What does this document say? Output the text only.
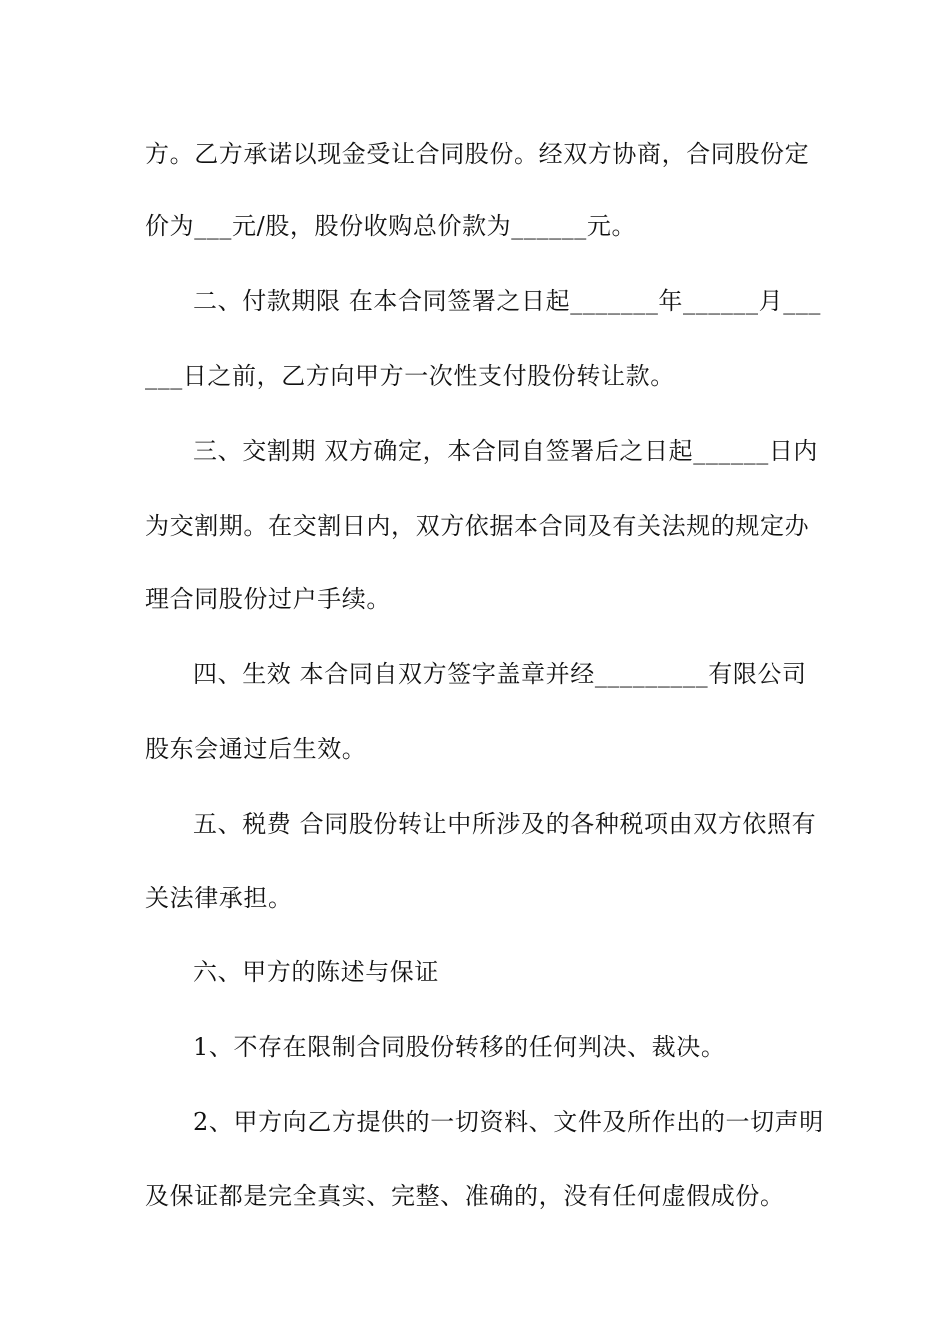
方。乙方承诺以现金受让合同股份。经双方协商，合同股份定
价为___元/股，股份收购总价款为______元。
二、付款期限 在本合同签署之日起_______年______月___
___日之前，乙方向甲方一次性支付股份转让款。
三、交割期 双方确定，本合同自签署后之日起______日内
为交割期。在交割日内，双方依据本合同及有关法规的规定办
理合同股份过户手续。
四、生效 本合同自双方签字盖章并经_________有限公司
股东会通过后生效。
五、税费 合同股份转让中所涉及的各种税项由双方依照有
关法律承担。
六、甲方的陈述与保证
1、不存在限制合同股份转移的任何判决、裁决。
2、甲方向乙方提供的一切资料、文件及所作出的一切声明
及保证都是完全真实、完整、准确的，没有任何虚假成份。
